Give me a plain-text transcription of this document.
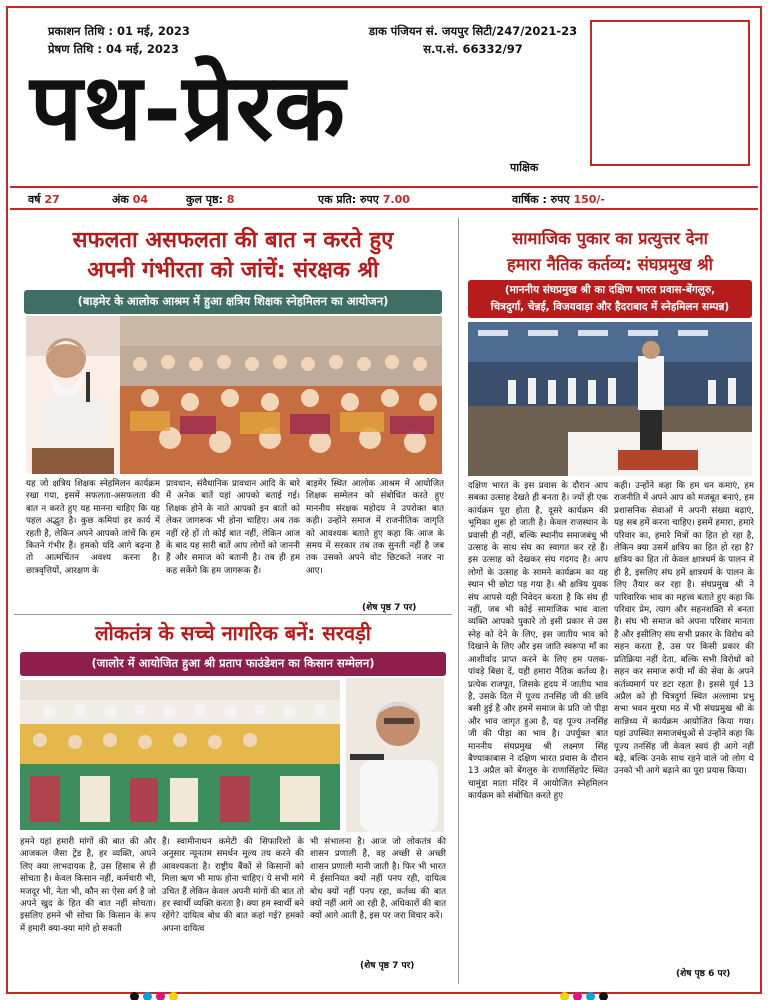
प्रकाशन तिथि : 01 मई, 2023
प्रेषण तिथि : 04 मई, 2023
डाक पंजियन सं. जयपुर सिटी/247/2021-23
स.प.सं. 66332/97
पथ-प्रेरक
पाक्षिक
वर्ष 27	अंक 04	कुल पृष्ठ: 8	एक प्रति: रुपए 7.00	वार्षिक : रुपए 150/-
सफलता असफलता की बात न करते हुए
अपनी गंभीरता को जांचें: संरक्षक श्री
(बाड़मेर के आलोक आश्रम में हुआ क्षत्रिय शिक्षक स्नेहमिलन का आयोजन)
यह जो क्षत्रिय शिक्षक स्नेहमिलन कार्यक्रम रखा गया, इसमें सफलता-असफलता की बात न करते हुए यह मानना चाहिए कि यह पहल अद्भुत है। कुछ कमियां हर कार्य में रहती है, लेकिन अपने आपको जांचें कि हम कितने गंभीर हैं। हमको यदि आगे बढ़ना है तो आत्मचिंतन अवश्य करना है। छात्रवृत्तियों, आरक्षण के
प्रावधान, संवैधानिक प्रावधान आदि के बारे में अनेक बातें यहां आपको बताई गई। शिक्षक होने के नाते आपको इन बातों को लेकर जागरूक भी होना चाहिए। अब तक नहीं रहे हों तो कोई बात नहीं, लेकिन आज के बाद यह सारी बातें आप लोगों को जाननी हैं और समाज को बतानी है। तब ही हम कह सकेंगे कि हम जागरूक हैं।
बाड़मेर स्थित आलोक आश्रम में आयोजित शिक्षक सम्मेलन को संबोधित करते हुए माननीय संरक्षक महोदय ने उपरोक्त बात कही। उन्होंने समाज में राजनीतिक जागृति को आवश्यक बताते हुए कहा कि आज के समय में सरकार तब तक सुनती नहीं है जब तक उसको अपने वोट छिटकते नजर ना आए।
(शेष पृष्ठ 7 पर)
सामाजिक पुकार का प्रत्युत्तर देना
हमारा नैतिक कर्तव्य: संघप्रमुख श्री
(माननीय संघप्रमुख श्री का दक्षिण भारत प्रवास-बेंगलुरु,
चित्रदुर्गा, चेन्नई, विजयवाड़ा और हैदराबाद में स्नेहमिलन सम्पन्न)
दक्षिण भारत के इस प्रवास के दौरान आप सबका उत्साह देखते ही बनता है। ज्यों ही एक कार्यक्रम पूरा होता है, दूसरे कार्यक्रम की भूमिका शुरू हो जाती है। केवल राजस्थान के प्रवासी ही नहीं, बल्कि स्थानीय समाजबंधु भी उत्साह के साथ संघ का स्वागत कर रहे हैं। इस उत्साह को देखकर संघ गदगद है। आप लोगों के उत्साह के सामने कार्यक्रम का यह स्थान भी छोटा पड़ गया है। श्री क्षत्रिय युवक संघ आपसे यही निवेदन करता है कि संघ ही नहीं, जब भी कोई सामाजिक भाव वाला व्यक्ति आपको पुकारे तो इसी प्रकार से उस स्नेह को देने के लिए, इस जातीय भाव को दिखाने के लिए और इस जाति स्वरूपा माँ का आशीर्वाद प्राप्त करने के लिए हम पलक-पांवड़े बिछा दें, यही हमारा नैतिक कर्तव्य है। प्रत्येक राजपूत, जिसके हृदय में जातीय भाव है, उसके दिल में पूज्य तनसिंह जी की छवि बसी हुई है और हममें समाज के प्रति जो पीड़ा और भाव जागृत हुआ है, यह पूज्य तनसिंह जी की पीड़ा का भाव है। उपर्युक्त बात माननीय संघप्रमुख श्री लक्ष्मण सिंह बैण्याकाबास ने दक्षिण भारत प्रवास के दौरान 13 अप्रैल को बेंगलुरु के राणासिंहपेट स्थित चामुंडा माता मंदिर में आयोजित स्नेहमिलन कार्यक्रम को संबोधित करते हुए
कही। उन्होंने कहा कि हम धन कमाएं, हम राजनीति में अपने आप को मजबूत बनाएं, हम प्रशासनिक सेवाओं में अपनी संख्या बढ़ाएं, यह सब हमें करना चाहिए। इसमें हमारा, हमारे परिवार का, हमारे मित्रों का हित हो रहा है, लेकिन क्या उसमें क्षत्रिय का हित हो रहा है? क्षत्रिय का हित तो केवल क्षात्रधर्म के पालन में ही है, इसलिए संघ हमें क्षात्रधर्म के पालन के लिए तैयार कर रहा है। संघप्रमुख श्री ने पारिवारिक भाव का महत्त्व बताते हुए कहा कि परिवार प्रेम, त्याग और सहनशक्ति से बनता है। संघ भी समाज को अपना परिवार मानता है और इसीलिए संघ सभी प्रकार के विरोध को सहन करता है, उस पर किसी प्रकार की प्रतिक्रिया नहीं देता, बल्कि सभी विरोधों को सहन कर समाज रूपी माँ की सेवा के अपने कर्तव्यमार्ग पर डटा रहता है। इससे पूर्व 13 अप्रैल को ही चित्रदुर्गा स्थित अल्लामा प्रभु सभा भवन मुरघा मठ में भी संघप्रमुख श्री के सान्निध्य में कार्यक्रम आयोजित किया गया। यहां उपस्थित समाजबंधुओं से उन्होंने कहा कि पूज्य तनसिंह जी केवल स्वयं ही आगे नहीं बढ़े, बल्कि उनके साथ रहने वाले जो लोग थे उनको भी आगे बढ़ाने का पूरा प्रयास किया।
(शेष पृष्ठ 6 पर)
लोकतंत्र के सच्चे नागरिक बनें: सरवड़ी
(जालोर में आयोजित हुआ श्री प्रताप फाउंडेशन का किसान सम्मेलन)
हमने यहां हमारी मांगों की बात की और आजकल जैसा ट्रेंड है, हर व्यक्ति, अपने लिए क्या लाभदायक है, उस हिसाब से ही सोचता है। केवल किसान नहीं, कर्मचारी भी, मजदूर भी, नेता भी, कौन सा ऐसा वर्ग है जो अपने खुद के हित की बात नहीं सोचता। इसलिए हमने भी सोचा कि किसान के रूप में हमारी क्या-क्या मांगे हो सकती
हैं। स्वामीनाथन कमेटी की सिफारिशों के अनुसार न्यूनतम समर्थन मूल्य तय करने की आवश्यकता है। राष्ट्रीय बैंकों से किसानों को मिला ऋण भी माफ होना चाहिए। ये सभी मांगे उचित हैं लेकिन केवल अपनी मांगों की बात तो हर स्वार्थी व्यक्ति करता है। क्या हम स्वार्थी बने रहेंगे? दायित्व बोध की बात कहां गई? हमको अपना दायित्व
भी संभालना है। आज जो लोकतंत्र की शासन प्रणाली है, वह अच्छी से अच्छी शासन प्रणाली मानी जाती है। फिर भी भारत में ईसानियत क्यों नहीं पनप रही, दायित्व बोध क्यों नहीं पनप रहा, कर्तव्य की बात क्यों नहीं आगे आ रही है, अधिकारों की बात क्यों आगे आती है, इस पर जरा विचार करें।
(शेष पृष्ठ 7 पर)
